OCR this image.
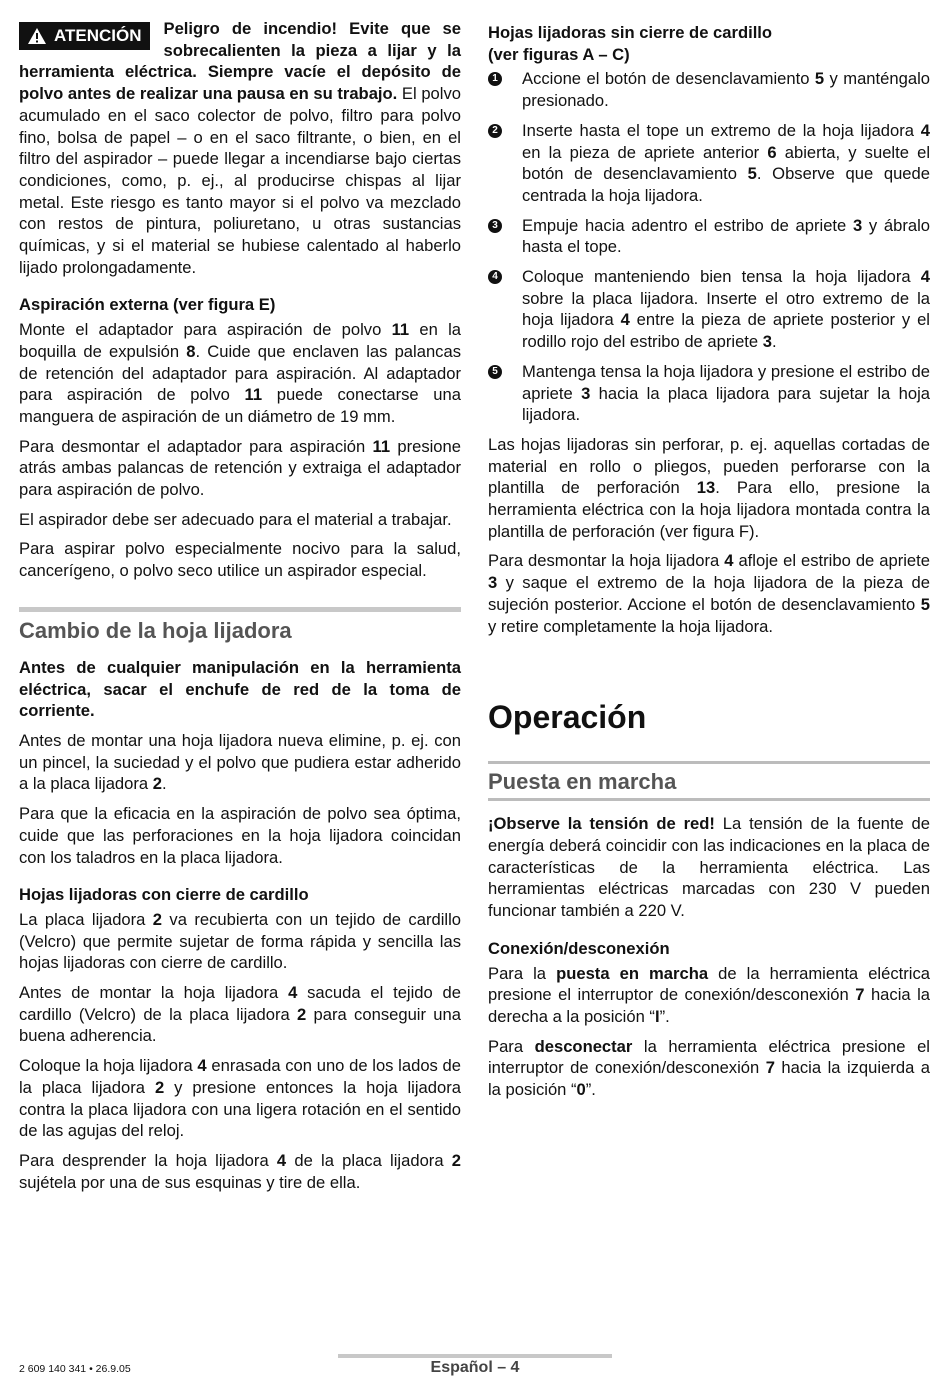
ATENCIÓN Peligro de incendio! Evite que se sobrecalienten la pieza a lijar y la herramienta eléctrica. Siempre vacíe el depósito de polvo antes de realizar una pausa en su trabajo. El polvo acumulado en el saco colector de polvo, filtro para polvo fino, bolsa de papel – o en el saco filtrante, o bien, en el filtro del aspirador – puede llegar a incendiarse bajo ciertas condiciones, como, p. ej., al producirse chispas al lijar metal. Este riesgo es tanto mayor si el polvo va mezclado con restos de pintura, poliuretano, u otras sustancias químicas, y si el material se hubiese calentado al haberlo lijado prolongadamente.

Aspiración externa (ver figura E)

Monte el adaptador para aspiración de polvo 11 en la boquilla de expulsión 8. Cuide que enclaven las palancas de retención del adaptador para aspiración. Al adaptador para aspiración de polvo 11 puede conectarse una manguera de aspiración de un diámetro de 19 mm.

Para desmontar el adaptador para aspiración 11 presione atrás ambas palancas de retención y extraiga el adaptador para aspiración de polvo.

El aspirador debe ser adecuado para el material a trabajar.

Para aspirar polvo especialmente nocivo para la salud, cancerígeno, o polvo seco utilice un aspirador especial.

Cambio de la hoja lijadora

Antes de cualquier manipulación en la herramienta eléctrica, sacar el enchufe de red de la toma de corriente.

Antes de montar una hoja lijadora nueva elimine, p. ej. con un pincel, la suciedad y el polvo que pudiera estar adherido a la placa lijadora 2.

Para que la eficacia en la aspiración de polvo sea óptima, cuide que las perforaciones en la hoja lijadora coincidan con los taladros en la placa lijadora.

Hojas lijadoras con cierre de cardillo

La placa lijadora 2 va recubierta con un tejido de cardillo (Velcro) que permite sujetar de forma rápida y sencilla las hojas lijadoras con cierre de cardillo.

Antes de montar la hoja lijadora 4 sacuda el tejido de cardillo (Velcro) de la placa lijadora 2 para conseguir una buena adherencia.

Coloque la hoja lijadora 4 enrasada con uno de los lados de la placa lijadora 2 y presione entonces la hoja lijadora contra la placa lijadora con una ligera rotación en el sentido de las agujas del reloj.

Para desprender la hoja lijadora 4 de la placa lijadora 2 sujétela por una de sus esquinas y tire de ella.

Hojas lijadoras sin cierre de cardillo
(ver figuras A – C)
1	Accione el botón de desenclavamiento 5 y manténgalo presionado.
2	Inserte hasta el tope un extremo de la hoja lijadora 4 en la pieza de apriete anterior 6 abierta, y suelte el botón de desenclavamiento 5. Observe que quede centrada la hoja lijadora.
3	Empuje hacia adentro el estribo de apriete 3 y ábralo hasta el tope.
4	Coloque manteniendo bien tensa la hoja lijadora 4 sobre la placa lijadora. Inserte el otro extremo de la hoja lijadora 4 entre la pieza de apriete posterior y el rodillo rojo del estribo de apriete 3.
5	Mantenga tensa la hoja lijadora y presione el estribo de apriete 3 hacia la placa lijadora para sujetar la hoja lijadora.

Las hojas lijadoras sin perforar, p. ej. aquellas cortadas de material en rollo o pliegos, pueden perforarse con la plantilla de perforación 13. Para ello, presione la herramienta eléctrica con la hoja lijadora montada contra la plantilla de perforación (ver figura F).

Para desmontar la hoja lijadora 4 afloje el estribo de apriete 3 y saque el extremo de la hoja lijadora de la pieza de sujeción posterior. Accione el botón de desenclavamiento 5 y retire completamente la hoja lijadora.

Operación
Puesta en marcha

¡Observe la tensión de red! La tensión de la fuente de energía deberá coincidir con las indicaciones en la placa de características de la herramienta eléctrica. Las herramientas eléctricas marcadas con 230 V pueden funcionar también a 220 V.

Conexión/desconexión

Para la puesta en marcha de la herramienta eléctrica presione el interruptor de conexión/desconexión 7 hacia la derecha a la posición “I”.

Para desconectar la herramienta eléctrica presione el interruptor de conexión/desconexión 7 hacia la izquierda a la posición “0”.

2 609 140 341 • 26.9.05	Español – 4
